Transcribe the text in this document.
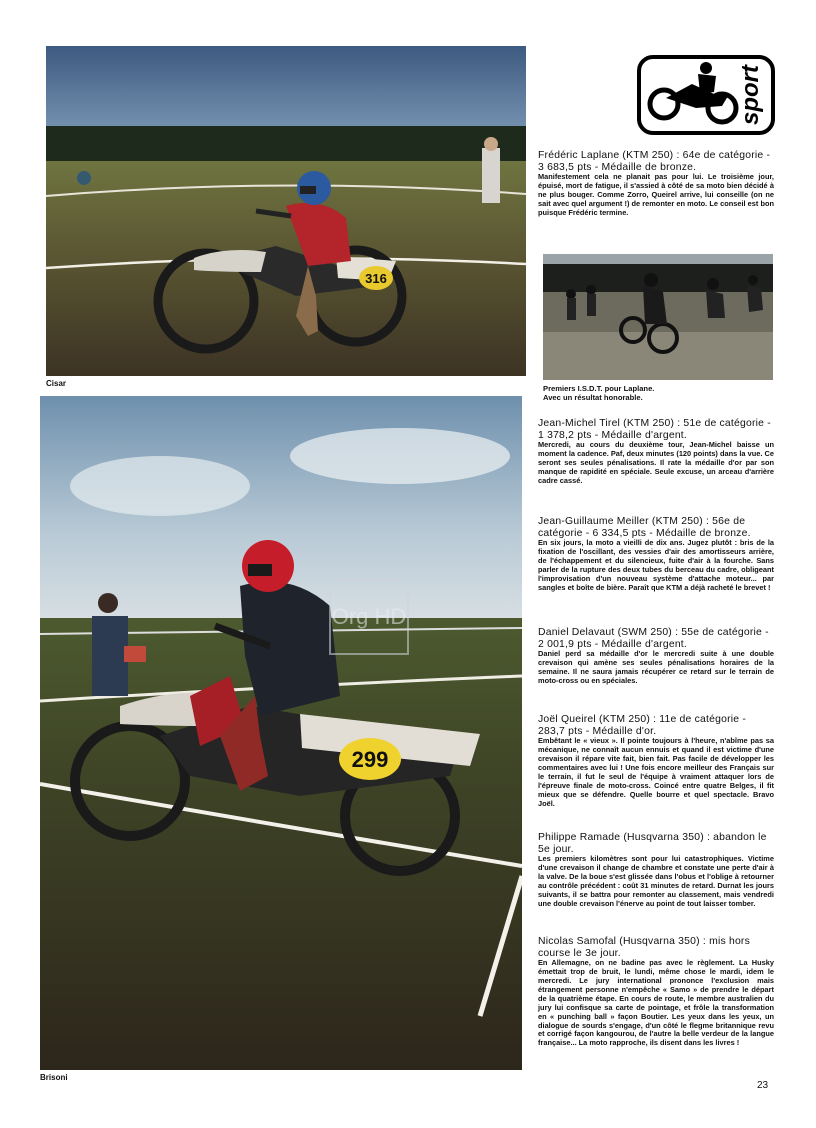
316
Cisar
299
Brisoni
Org HD
sport
Frédéric Laplane (KTM 250) : 64e de catégorie - 3 683,5 pts - Médaille de bronze.
Manifestement cela ne planait pas pour lui. Le troisième jour, épuisé, mort de fatigue, il s'assied à côté de sa moto bien décidé à ne plus bouger. Comme Zorro, Queirel arrive, lui conseille (on ne sait avec quel argument !) de remonter en moto. Le conseil est bon puisque Frédéric termine.
Premiers I.S.D.T. pour Laplane.
Avec un résultat honorable.
Jean-Michel Tirel (KTM 250) : 51e de catégorie - 1 378,2 pts - Médaille d'argent.
Mercredi, au cours du deuxième tour, Jean-Michel baisse un moment la cadence. Paf, deux minutes (120 points) dans la vue. Ce seront ses seules pénalisations. Il rate la médaille d'or par son manque de rapidité en spéciale. Seule excuse, un arceau d'arrière cadre cassé.
Jean-Guillaume Meiller (KTM 250) : 56e de catégorie - 6 334,5 pts - Médaille de bronze.
En six jours, la moto a vieilli de dix ans. Jugez plutôt : bris de la fixation de l'oscillant, des vessies d'air des amortisseurs arrière, de l'échappement et du silencieux, fuite d'air à la fourche. Sans parler de la rupture des deux tubes du berceau du cadre, obligeant l'improvisation d'un nouveau système d'attache moteur... par sangles et boîte de bière. Paraît que KTM a déjà racheté le brevet !
Daniel Delavaut (SWM 250) : 55e de catégorie - 2 001,9 pts - Médaille d'argent.
Daniel perd sa médaille d'or le mercredi suite à une double crevaison qui amène ses seules pénalisations horaires de la semaine. Il ne saura jamais récupérer ce retard sur le terrain de moto-cross ou en spéciales.
Joël Queirel (KTM 250) : 11e de catégorie - 283,7 pts - Médaille d'or.
Embêtant le « vieux ». Il pointe toujours à l'heure, n'abîme pas sa mécanique, ne connaît aucun ennuis et quand il est victime d'une crevaison il répare vite fait, bien fait. Pas facile de développer les commentaires avec lui ! Une fois encore meilleur des Français sur le terrain, il fut le seul de l'équipe à vraiment attaquer lors de l'épreuve finale de moto-cross. Coincé entre quatre Belges, il fit mieux que se défendre. Quelle bourre et quel spectacle. Bravo Joël.
Philippe Ramade (Husqvarna 350) : abandon le 5e jour.
Les premiers kilomètres sont pour lui catastrophiques. Victime d'une crevaison il change de chambre et constate une perte d'air à la valve. De la boue s'est glissée dans l'obus et l'oblige à retourner au contrôle précédent : coût 31 minutes de retard. Durnat les jours suivants, il se battra pour remonter au classement, mais vendredi une double crevaison l'énerve au point de tout laisser tomber.
Nicolas Samofal (Husqvarna 350) : mis hors course le 3e jour.
En Allemagne, on ne badine pas avec le règlement. La Husky émettait trop de bruit, le lundi, même chose le mardi, idem le mercredi. Le jury international prononce l'exclusion mais étrangement personne n'empêche « Samo » de prendre le départ de la quatrième étape. En cours de route, le membre australien du jury lui confisque sa carte de pointage, et frôle la transformation en « punching ball » façon Boutier. Les yeux dans les yeux, un dialogue de sourds s'engage, d'un côté le flegme britannique revu et corrigé façon kangourou, de l'autre la belle verdeur de la langue française... La moto rapproche, ils disent dans les livres !
23
